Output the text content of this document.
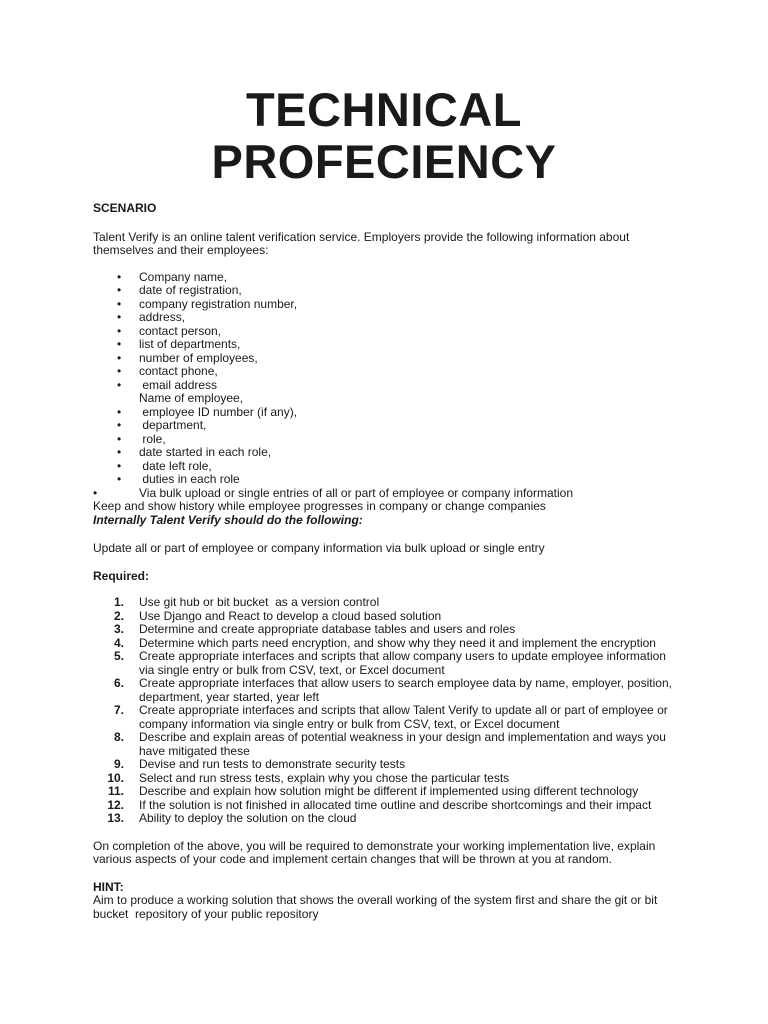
TECHNICAL
PROFECIENCY

SCENARIO

Talent Verify is an online talent verification service. Employers provide the following information about themselves and their employees:

• Company name,
• date of registration,
• company registration number,
• address,
• contact person,
• list of departments,
• number of employees,
• contact phone,
• email address
Name of employee,
• employee ID number (if any),
• department,
• role,
• date started in each role,
• date left role,
• duties in each role
•	Via bulk upload or single entries of all or part of employee or company information

Keep and show history while employee progresses in company or change companies

Internally Talent Verify should do the following:

Update all or part of employee or company information via bulk upload or single entry

Required:

1. Use git hub or bit bucket  as a version control
2. Use Django and React to develop a cloud based solution
3. Determine and create appropriate database tables and users and roles
4. Determine which parts need encryption, and show why they need it and implement the encryption
5. Create appropriate interfaces and scripts that allow company users to update employee information via single entry or bulk from CSV, text, or Excel document
6. Create appropriate interfaces that allow users to search employee data by name, employer, position, department, year started, year left
7. Create appropriate interfaces and scripts that allow Talent Verify to update all or part of employee or company information via single entry or bulk from CSV, text, or Excel document
8. Describe and explain areas of potential weakness in your design and implementation and ways you have mitigated these
9. Devise and run tests to demonstrate security tests
10. Select and run stress tests, explain why you chose the particular tests
11. Describe and explain how solution might be different if implemented using different technology
12. If the solution is not finished in allocated time outline and describe shortcomings and their impact
13. Ability to deploy the solution on the cloud

On completion of the above, you will be required to demonstrate your working implementation live, explain various aspects of your code and implement certain changes that will be thrown at you at random.

HINT:

Aim to produce a working solution that shows the overall working of the system first and share the git or bit bucket  repository of your public repository
